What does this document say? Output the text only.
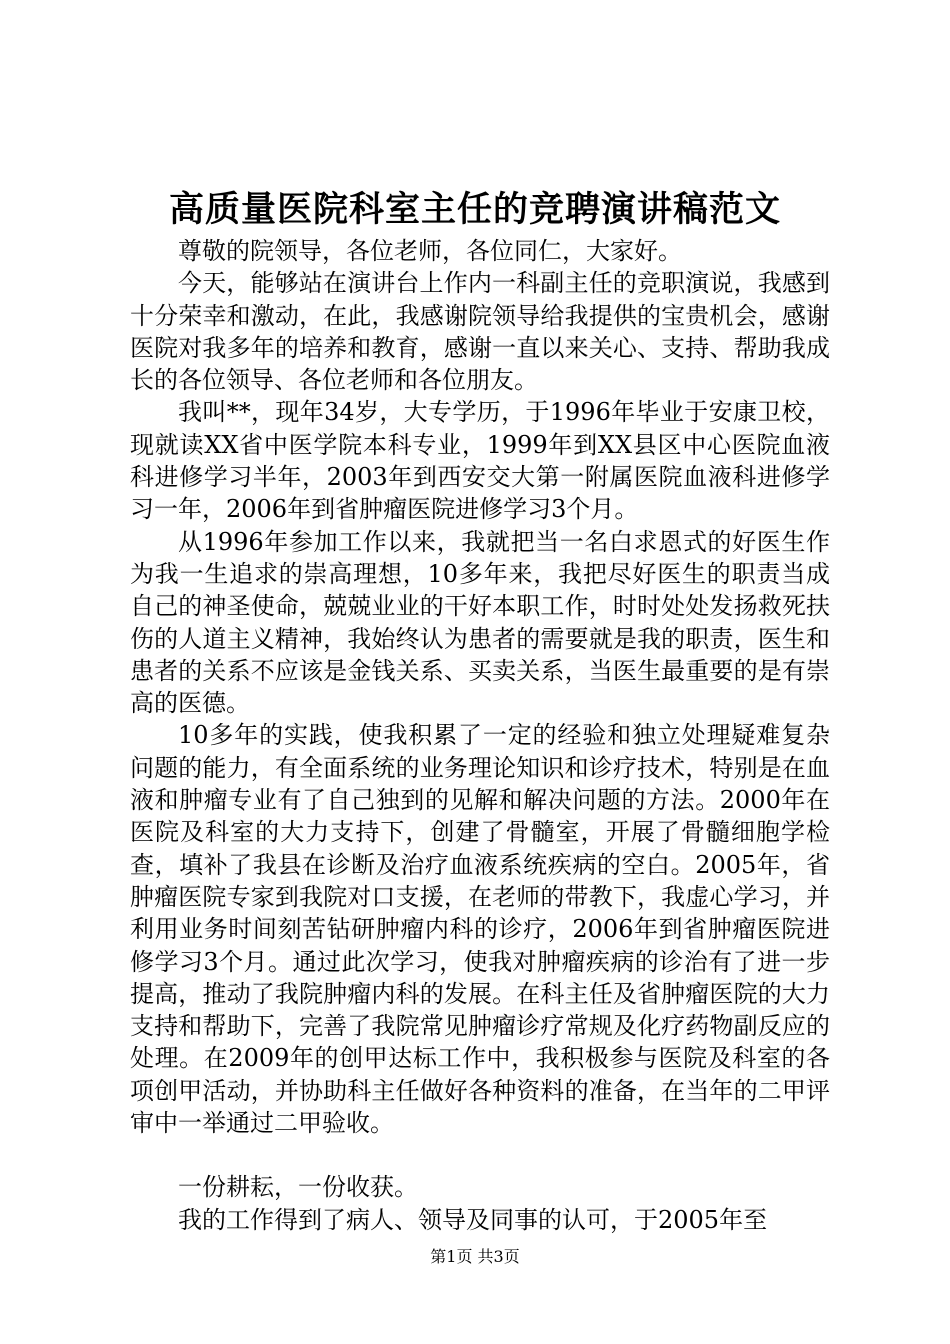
高质量医院科室主任的竞聘演讲稿范文

尊敬的院领导，各位老师，各位同仁，大家好。

今天，能够站在演讲台上作内一科副主任的竞职演说，我感到十分荣幸和激动，在此，我感谢院领导给我提供的宝贵机会，感谢医院对我多年的培养和教育，感谢一直以来关心、支持、帮助我成长的各位领导、各位老师和各位朋友。

我叫**，现年34岁，大专学历，于1996年毕业于安康卫校，现就读XX省中医学院本科专业，1999年到XX县区中心医院血液科进修学习半年，2003年到西安交大第一附属医院血液科进修学习一年，2006年到省肿瘤医院进修学习3个月。

从1996年参加工作以来，我就把当一名白求恩式的好医生作为我一生追求的崇高理想，10多年来，我把尽好医生的职责当成自己的神圣使命，兢兢业业的干好本职工作，时时处处发扬救死扶伤的人道主义精神，我始终认为患者的需要就是我的职责，医生和患者的关系不应该是金钱关系、买卖关系，当医生最重要的是有崇高的医德。

10多年的实践，使我积累了一定的经验和独立处理疑难复杂问题的能力，有全面系统的业务理论知识和诊疗技术，特别是在血液和肿瘤专业有了自己独到的见解和解决问题的方法。2000年在医院及科室的大力支持下，创建了骨髓室，开展了骨髓细胞学检查，填补了我县在诊断及治疗血液系统疾病的空白。2005年，省肿瘤医院专家到我院对口支援，在老师的带教下，我虚心学习，并利用业务时间刻苦钻研肿瘤内科的诊疗，2006年到省肿瘤医院进修学习3个月。通过此次学习，使我对肿瘤疾病的诊治有了进一步提高，推动了我院肿瘤内科的发展。在科主任及省肿瘤医院的大力支持和帮助下，完善了我院常见肿瘤诊疗常规及化疗药物副反应的处理。在2009年的创甲达标工作中，我积极参与医院及科室的各项创甲活动，并协助科主任做好各种资料的准备，在当年的二甲评审中一举通过二甲验收。

一份耕耘，一份收获。

我的工作得到了病人、领导及同事的认可，于2005年至

第1页 共3页
